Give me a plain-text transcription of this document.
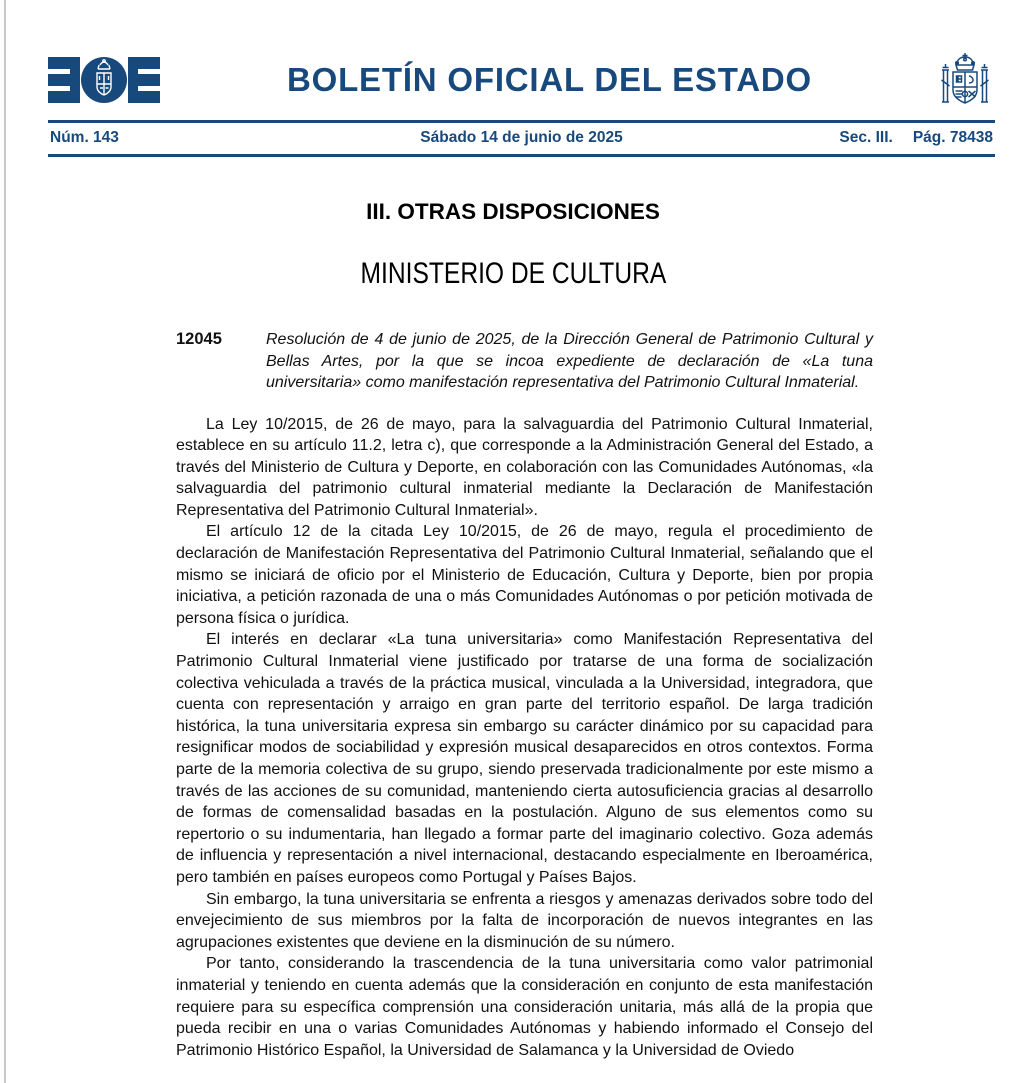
BOLETÍN OFICIAL DEL ESTADO
Núm. 143	Sábado 14 de junio de 2025	Sec. III. Pág. 78438
III. OTRAS DISPOSICIONES
MINISTERIO DE CULTURA
12045	Resolución de 4 de junio de 2025, de la Dirección General de Patrimonio Cultural y Bellas Artes, por la que se incoa expediente de declaración de «La tuna universitaria» como manifestación representativa del Patrimonio Cultural Inmaterial.

La Ley 10/2015, de 26 de mayo, para la salvaguardia del Patrimonio Cultural Inmaterial, establece en su artículo 11.2, letra c), que corresponde a la Administración General del Estado, a través del Ministerio de Cultura y Deporte, en colaboración con las Comunidades Autónomas, «la salvaguardia del patrimonio cultural inmaterial mediante la Declaración de Manifestación Representativa del Patrimonio Cultural Inmaterial».

El artículo 12 de la citada Ley 10/2015, de 26 de mayo, regula el procedimiento de declaración de Manifestación Representativa del Patrimonio Cultural Inmaterial, señalando que el mismo se iniciará de oficio por el Ministerio de Educación, Cultura y Deporte, bien por propia iniciativa, a petición razonada de una o más Comunidades Autónomas o por petición motivada de persona física o jurídica.

El interés en declarar «La tuna universitaria» como Manifestación Representativa del Patrimonio Cultural Inmaterial viene justificado por tratarse de una forma de socialización colectiva vehiculada a través de la práctica musical, vinculada a la Universidad, integradora, que cuenta con representación y arraigo en gran parte del territorio español. De larga tradición histórica, la tuna universitaria expresa sin embargo su carácter dinámico por su capacidad para resignificar modos de sociabilidad y expresión musical desaparecidos en otros contextos. Forma parte de la memoria colectiva de su grupo, siendo preservada tradicionalmente por este mismo a través de las acciones de su comunidad, manteniendo cierta autosuficiencia gracias al desarrollo de formas de comensalidad basadas en la postulación. Alguno de sus elementos como su repertorio o su indumentaria, han llegado a formar parte del imaginario colectivo. Goza además de influencia y representación a nivel internacional, destacando especialmente en Iberoamérica, pero también en países europeos como Portugal y Países Bajos.

Sin embargo, la tuna universitaria se enfrenta a riesgos y amenazas derivados sobre todo del envejecimiento de sus miembros por la falta de incorporación de nuevos integrantes en las agrupaciones existentes que deviene en la disminución de su número.

Por tanto, considerando la trascendencia de la tuna universitaria como valor patrimonial inmaterial y teniendo en cuenta además que la consideración en conjunto de esta manifestación requiere para su específica comprensión una consideración unitaria, más allá de la propia que pueda recibir en una o varias Comunidades Autónomas y habiendo informado el Consejo del Patrimonio Histórico Español, la Universidad de Salamanca y la Universidad de Oviedo
